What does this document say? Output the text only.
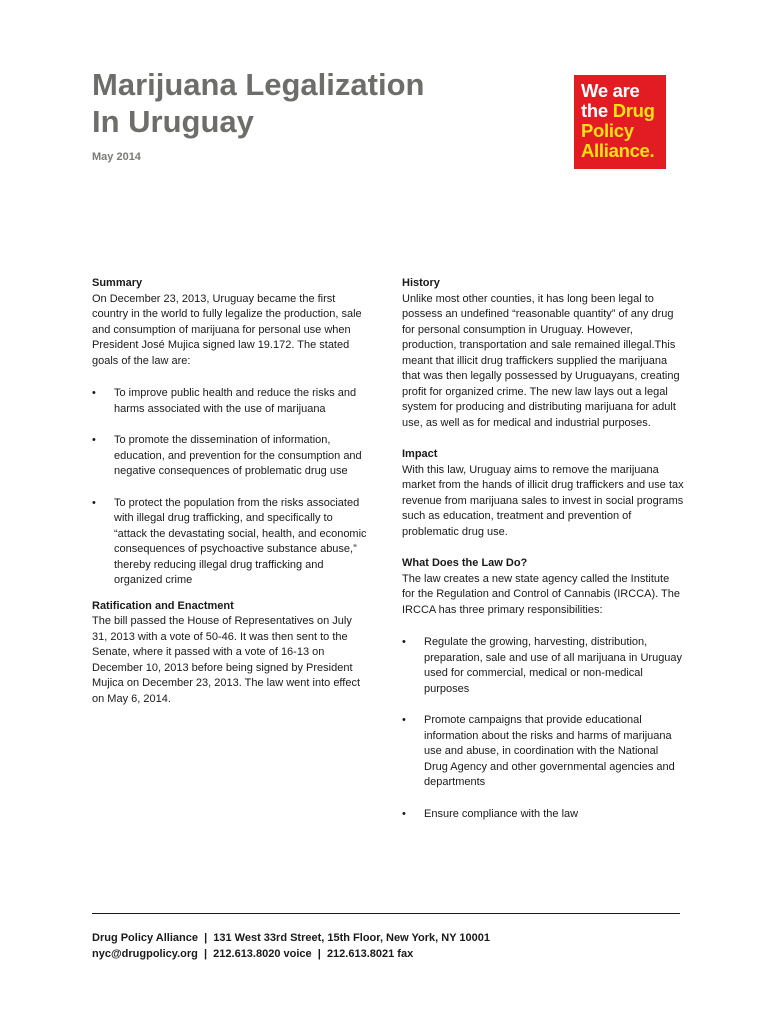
Marijuana Legalization
In Uruguay
May 2014
We are
the Drug
Policy
Alliance.

Summary

On December 23, 2013, Uruguay became the first country in the world to fully legalize the production, sale and consumption of marijuana for personal use when President José Mujica signed law 19.172. The stated goals of the law are:

• To improve public health and reduce the risks and harms associated with the use of marijuana
• To promote the dissemination of information, education, and prevention for the consumption and negative consequences of problematic drug use
• To protect the population from the risks associated with illegal drug trafficking, and specifically to “attack the devastating social, health, and economic consequences of psychoactive substance abuse,” thereby reducing illegal drug trafficking and organized crime

Ratification and Enactment

The bill passed the House of Representatives on July 31, 2013 with a vote of 50-46. It was then sent to the Senate, where it passed with a vote of 16-13 on December 10, 2013 before being signed by President Mujica on December 23, 2013. The law went into effect on May 6, 2014.

History

Unlike most other counties, it has long been legal to possess an undefined “reasonable quantity” of any drug for personal consumption in Uruguay. However, production, transportation and sale remained illegal.This meant that illicit drug traffickers supplied the marijuana that was then legally possessed by Uruguayans, creating profit for organized crime. The new law lays out a legal system for producing and distributing marijuana for adult use, as well as for medical and industrial purposes.

Impact

With this law, Uruguay aims to remove the marijuana market from the hands of illicit drug traffickers and use tax revenue from marijuana sales to invest in social programs such as education, treatment and prevention of problematic drug use.

What Does the Law Do?

The law creates a new state agency called the Institute for the Regulation and Control of Cannabis (IRCCA). The IRCCA has three primary responsibilities:

• Regulate the growing, harvesting, distribution, preparation, sale and use of all marijuana in Uruguay used for commercial, medical or non-medical purposes
• Promote campaigns that provide educational information about the risks and harms of marijuana use and abuse, in coordination with the National Drug Agency and other governmental agencies and departments
• Ensure compliance with the law
Drug Policy Alliance  |  131 West 33rd Street, 15th Floor, New York, NY 10001
nyc@drugpolicy.org  |  212.613.8020 voice  |  212.613.8021 fax
